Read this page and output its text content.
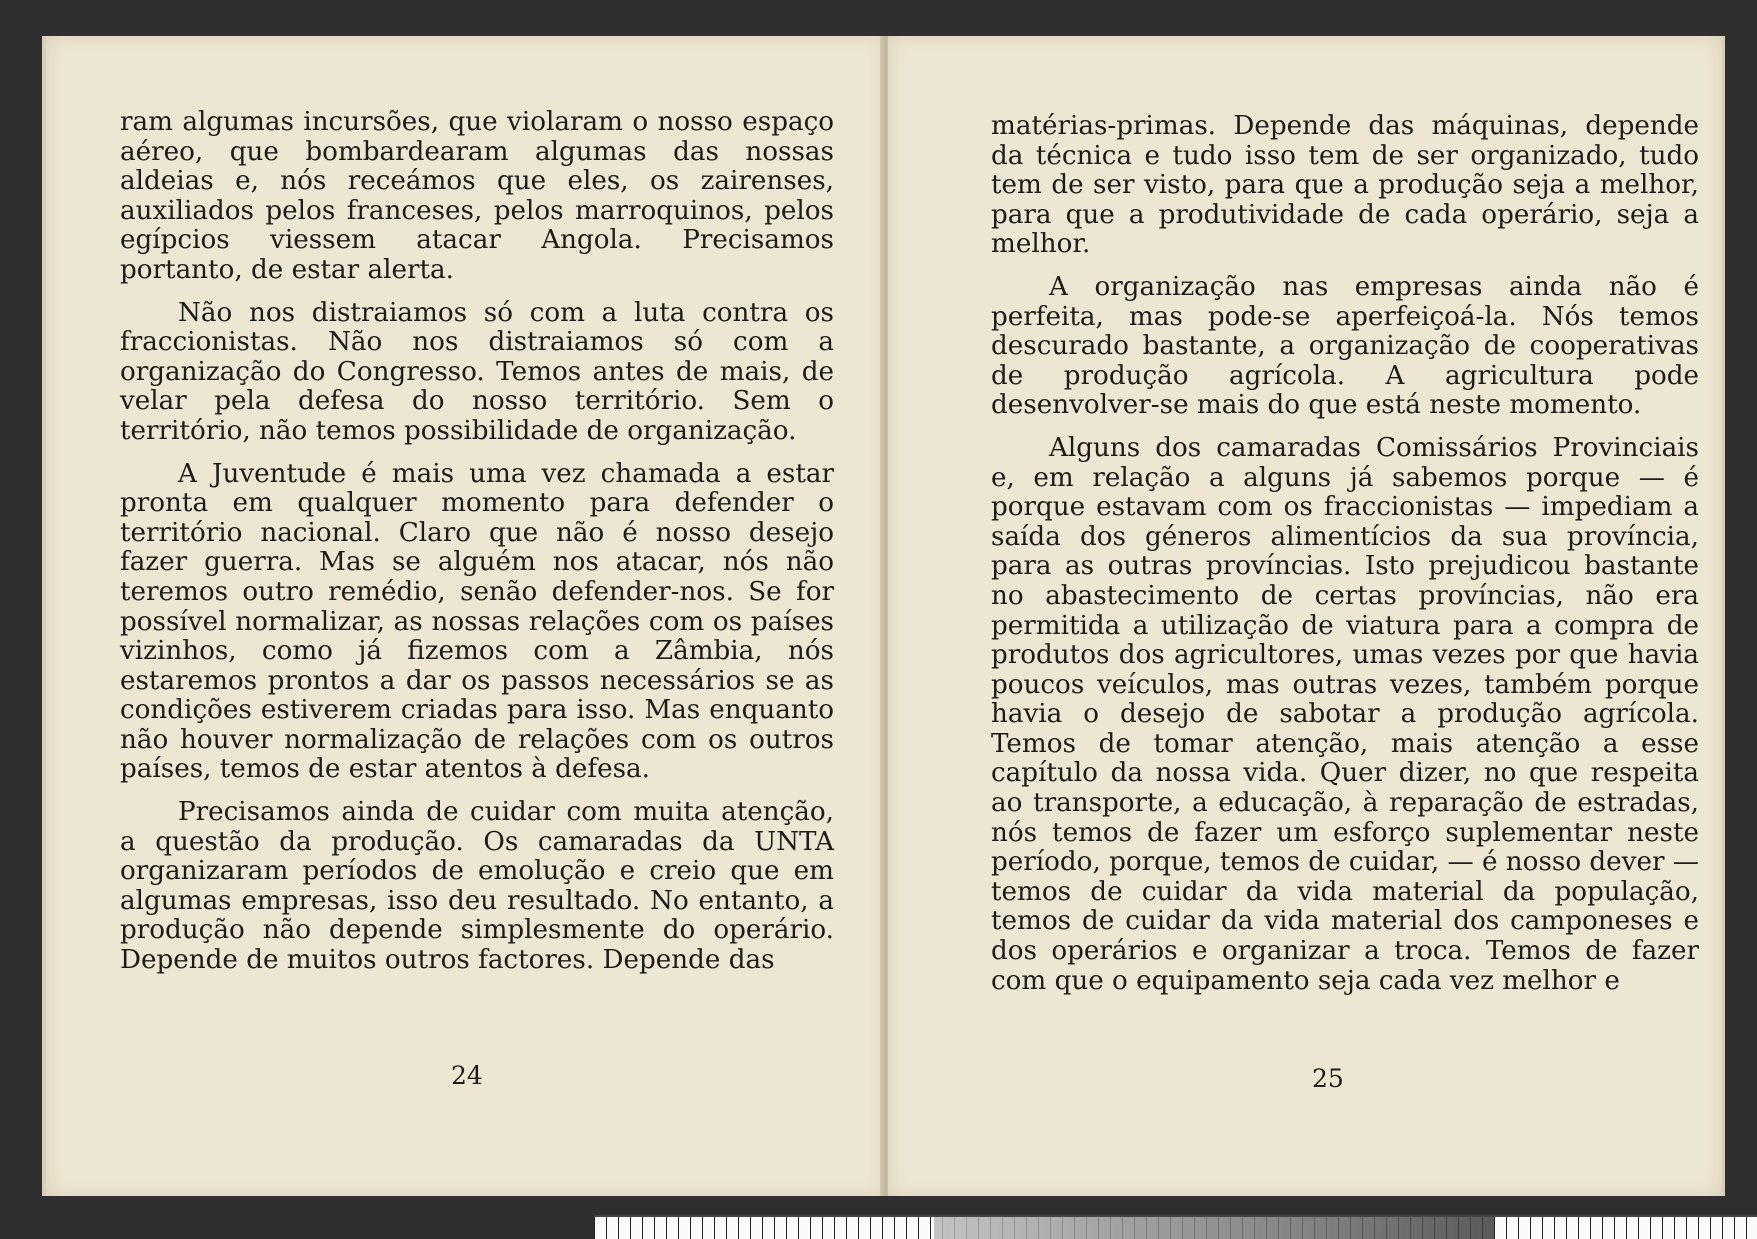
ram algumas incursões, que violaram o nosso espaço aéreo, que bombardearam algumas das nossas aldeias e, nós receámos que eles, os zairenses, auxiliados pelos franceses, pelos marroquinos, pelos egípcios viessem atacar Angola. Precisamos portanto, de estar alerta.

Não nos distraiamos só com a luta contra os fraccionistas. Não nos distraiamos só com a organização do Congresso. Temos antes de mais, de velar pela defesa do nosso território. Sem o território, não temos possibilidade de organização.

A Juventude é mais uma vez chamada a estar pronta em qualquer momento para defender o território nacional. Claro que não é nosso desejo fazer guerra. Mas se alguém nos atacar, nós não teremos outro remédio, senão defender-nos. Se for possível normalizar, as nossas relações com os países vizinhos, como já fizemos com a Zâmbia, nós estaremos prontos a dar os passos necessários se as condições estiverem criadas para isso. Mas enquanto não houver normalização de relações com os outros países, temos de estar atentos à defesa.

Precisamos ainda de cuidar com muita atenção, a questão da produção. Os camaradas da UNTA organizaram períodos de emolução e creio que em algumas empresas, isso deu resultado. No entanto, a produção não depende simplesmente do operário. Depende de muitos outros factores. Depende das

24

matérias-primas. Depende das máquinas, depende da técnica e tudo isso tem de ser organizado, tudo tem de ser visto, para que a produção seja a melhor, para que a produtividade de cada operário, seja a melhor.

A organização nas empresas ainda não é perfeita, mas pode-se aperfeiçoá-la. Nós temos descurado bastante, a organização de cooperativas de produção agrícola. A agricultura pode desenvolver-se mais do que está neste momento.

Alguns dos camaradas Comissários Provinciais e, em relação a alguns já sabemos porque — é porque estavam com os fraccionistas — impediam a saída dos géneros alimentícios da sua província, para as outras províncias. Isto prejudicou bastante no abastecimento de certas províncias, não era permitida a utilização de viatura para a compra de produtos dos agricultores, umas vezes por que havia poucos veículos, mas outras vezes, também porque havia o desejo de sabotar a produção agrícola. Temos de tomar atenção, mais atenção a esse capítulo da nossa vida. Quer dizer, no que respeita ao transporte, a educação, à reparação de estradas, nós temos de fazer um esforço suplementar neste período, porque, temos de cuidar, — é nosso dever — temos de cuidar da vida material da população, temos de cuidar da vida material dos camponeses e dos operários e organizar a troca. Temos de fazer com que o equipamento seja cada vez melhor e

25
